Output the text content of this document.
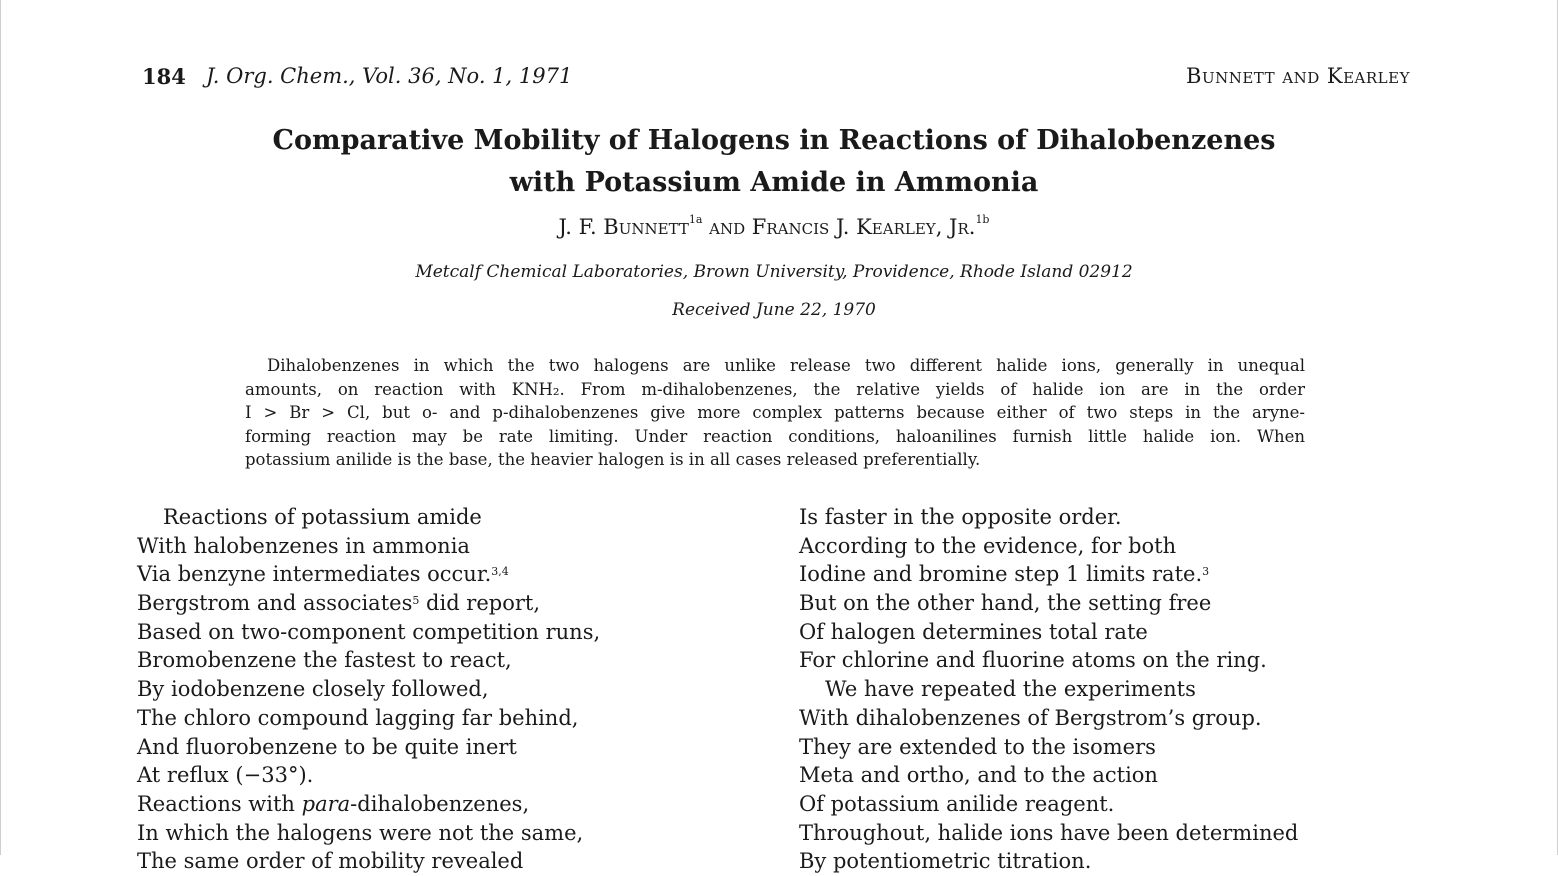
184 J. Org. Chem., Vol. 36, No. 1, 1971	Bunnett and Kearley
Comparative Mobility of Halogens in Reactions of Dihalobenzenes
with Potassium Amide in Ammonia
J. F. Bunnett$^{1a}$ and Francis J. Kearley, Jr.$^{1b}$
Metcalf Chemical Laboratories, Brown University, Providence, Rhode Island 02912
Received June 22, 1970

Dihalobenzenes in which the two halogens are unlike release two different halide ions, generally in unequal

amounts, on reaction with KNH₂. From m-dihalobenzenes, the relative yields of halide ion are in the order

I > Br > Cl, but o- and p-dihalobenzenes give more complex patterns because either of two steps in the aryne-

forming reaction may be rate limiting. Under reaction conditions, haloanilines furnish little halide ion. When

potassium anilide is the base, the heavier halogen is in all cases released preferentially.

Reactions of potassium amide
With halobenzenes in ammonia
Via benzyne intermediates occur.$^{3,4}$
Bergstrom and associates$^5$ did report,
Based on two-component competition runs,
Bromobenzene the fastest to react,
By iodobenzene closely followed,
The chloro compound lagging far behind,
And fluorobenzene to be quite inert
At reflux (−33°).
Reactions with para-dihalobenzenes,
In which the halogens were not the same,
The same order of mobility revealed
Is faster in the opposite order.
According to the evidence, for both
Iodine and bromine step 1 limits rate.$^3$
But on the other hand, the setting free
Of halogen determines total rate
For chlorine and fluorine atoms on the ring.
We have repeated the experiments
With dihalobenzenes of Bergstrom’s group.
They are extended to the isomers
Meta and ortho, and to the action
Of potassium anilide reagent.
Throughout, halide ions have been determined
By potentiometric titration.
